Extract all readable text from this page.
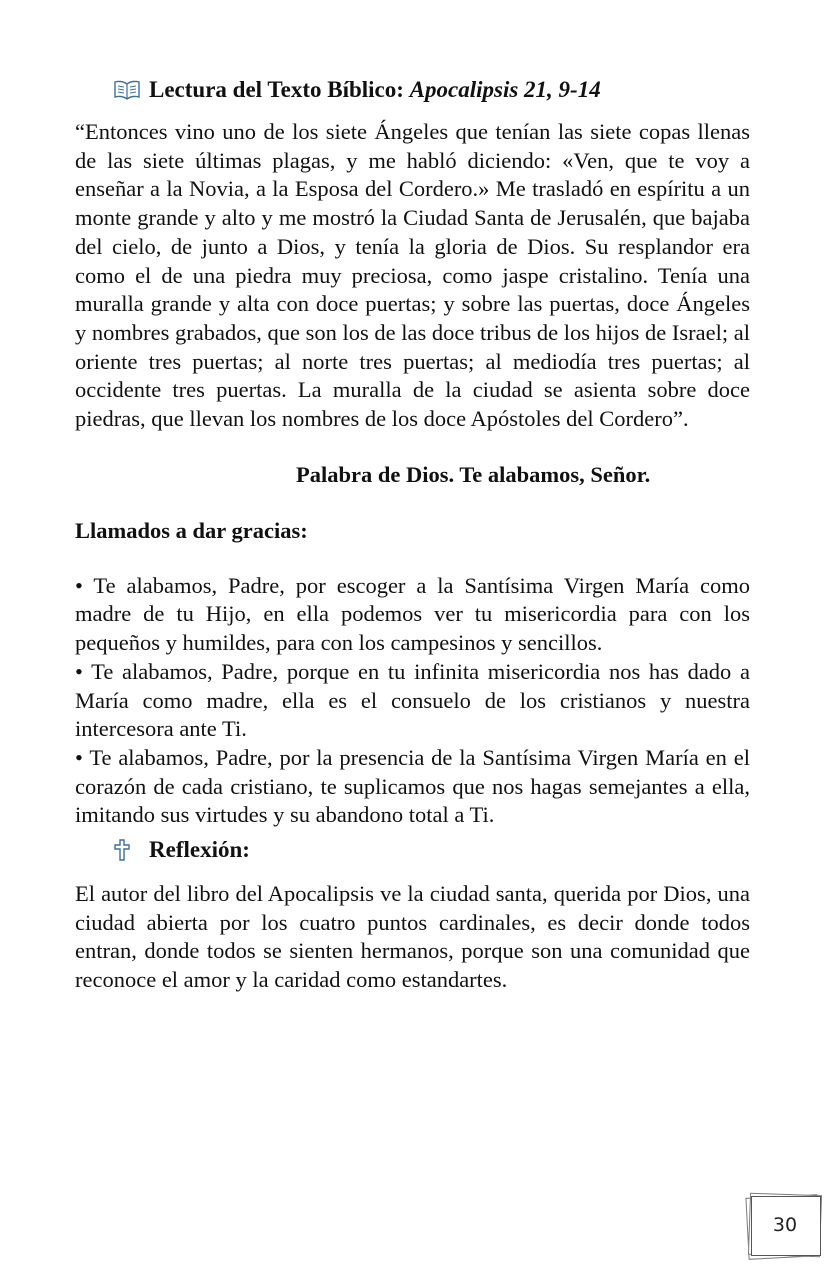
Lectura del Texto Bíblico: Apocalipsis 21, 9-14

“Entonces vino uno de los siete Ángeles que tenían las siete copas llenas de las siete últimas plagas, y me habló diciendo: «Ven, que te voy a enseñar a la Novia, a la Esposa del Cordero.» Me trasladó en espíritu a un monte grande y alto y me mostró la Ciudad Santa de Jerusalén, que bajaba del cielo, de junto a Dios, y tenía la gloria de Dios. Su resplandor era como el de una piedra muy preciosa, como jaspe cristalino. Tenía una muralla grande y alta con doce puertas; y sobre las puertas, doce Ángeles y nombres grabados, que son los de las doce tribus de los hijos de Israel; al oriente tres puertas; al norte tres puertas; al mediodía tres puertas; al occidente tres puertas. La muralla de la ciudad se asienta sobre doce piedras, que llevan los nombres de los doce Apóstoles del Cordero”.

Palabra de Dios. Te alabamos, Señor.
Llamados a dar gracias:

• Te alabamos, Padre, por escoger a la Santísima Virgen María como madre de tu Hijo, en ella podemos ver tu misericordia para con los pequeños y humildes, para con los campesinos y sencillos.

• Te alabamos, Padre, porque en tu infinita misericordia nos has dado a María como madre, ella es el consuelo de los cristianos y nuestra intercesora ante Ti.

• Te alabamos, Padre, por la presencia de la Santísima Virgen María en el corazón de cada cristiano, te suplicamos que nos hagas semejantes a ella, imitando sus virtudes y su abandono total a Ti.

Reflexión:

El autor del libro del Apocalipsis ve la ciudad santa, querida por Dios, una ciudad abierta por los cuatro puntos cardinales, es decir donde todos entran, donde todos se sienten hermanos, porque son una comunidad que reconoce el amor y la caridad como estandartes.

30
